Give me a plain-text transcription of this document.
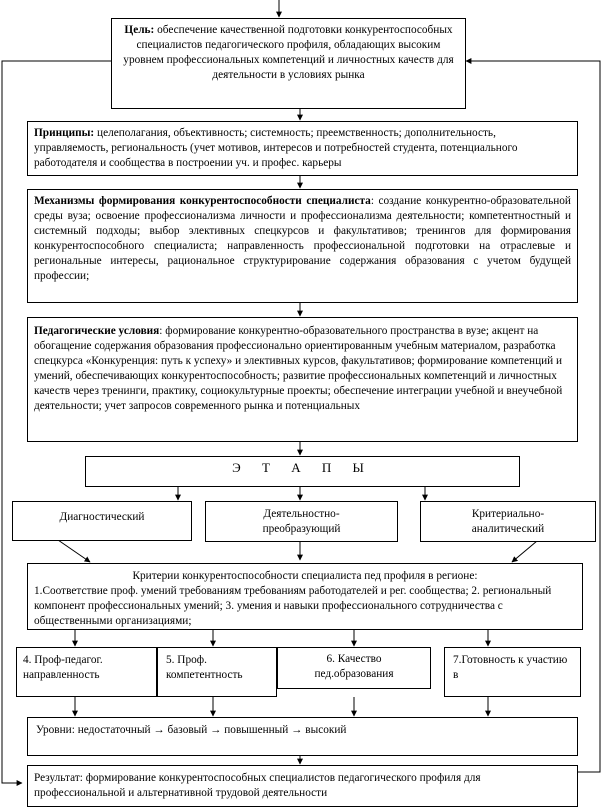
Цель: обеспечение качественной подготовки конкурентоспособных специалистов педагогического профиля, обладающих высоким уровнем профессиональных компетенций и личностных качеств для деятельности в условиях рынка

Принципы: целеполагания, объективность; системность; преемственность; дополнительность, управляемость, региональность (учет мотивов, интересов и потребностей студента, потенциального работодателя и сообщества в построении уч. и профес. карьеры

Механизмы формирования конкурентоспособности специалиста: создание конкурентно-образовательной среды вуза; освоение профессионализма личности и профессионализма деятельности; компетентностный и системный подходы; выбор элективных спецкурсов и факультативов; тренингов для формирования конкурентоспособного специалиста; направленность профессиональной подготовки на отраслевые и региональные интересы, рациональное структурирование содержания образования с учетом будущей профессии;

Педагогические условия: формирование конкурентно-образовательного пространства в вузе; акцент на обогащение содержания образования профессионально ориентированным учебным материалом, разработка спецкурса «Конкуренция: путь к успеху» и элективных курсов, факультативов; формирование компетенций и умений, обеспечивающих конкурентоспособность; развитие профессиональных компетенций и личностных качеств через тренинги, практику, социокультурные проекты; обеспечение интеграции учебной и внеучебной деятельности; учет запросов современного рынка и потенциальных

Э Т А П Ы
Диагностический	Деятельностно-преобразующий
Критериально-аналитический

Критерии конкурентоспособности специалиста пед профиля в регионе:

1.Соответствие проф. умений требованиям требованиям работодателей и рег. сообщества; 2. региональный компонент профессиональных умений; 3. умения и навыки профессионального сотрудничества с общественными организациями;

4. Проф-педагог. направленность
5. Проф. компетентность
6. Качество пед.образования
7.Готовность к участию в
Уровни: недостаточный → базовый → повышенный → высокий
Результат: формирование конкурентоспособных специалистов педагогического профиля для профессиональной и альтернативной трудовой деятельности
